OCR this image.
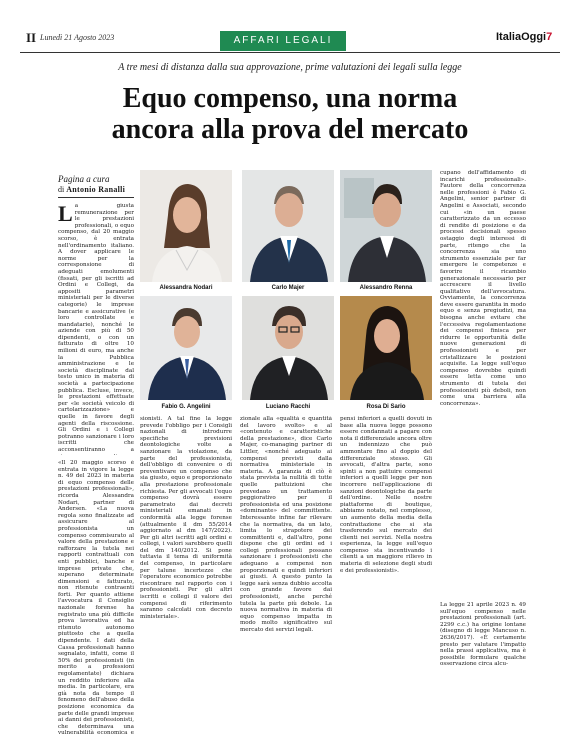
II Lunedì 21 Agosto 2023	AFFARI LEGALI	ItaliaOggi7
A tre mesi di distanza dalla sua approvazione, prime valutazioni dei legali sulla legge
Equo compenso, una norma
ancora alla prova del mercato
Pagina a cura
di Antonio Ranalli
La giusta remunerazione per le prestazioni professionali, o equo compenso, dal 20 maggio scorso, è entrata nell'ordinamento italiano. A dover applicare le norme per la corresponsione di adeguati emolumenti (fissati, per gli iscritti ad Ordini e Collegi, da appositi parametri ministeriali per le diverse categorie) le imprese bancarie e assicurative (e loro controllate e mandatarie), nonché le aziende con più di 50 dipendenti, o con un fatturato di oltre 10 milioni di euro, ma anche la Pubblica amministrazione e le società disciplinate dal testo unico in materia di società a partecipazione pubblica. Escluse, invece, le prestazioni effettuate per «le società veicolo di cartolarizzazione» e quelle in favore degli agenti della riscossione. Gli Ordini e i Collegi potranno sanzionare i loro iscritti che acconsentiranno a
«Il 20 maggio scorso è entrata in vigore la legge n. 49 del 2023 in materia di equo compenso delle prestazioni professionali», ricorda Alessandra Nodari, partner di Andersen. «La nuova regola sono finalizzate ad assicurare al professionista un compenso commisurato al valore della prestazione e rafforzare la tutela nei rapporti contrattuali con enti pubblici, banche e imprese private che, superano determinate dimensioni e fatturato, non ritenute contraenti forti. Per quanto attiene l'avvocatura il Consiglio nazionale forense ha registrato una più difficile prova lavorativa ed ha ritenuto autonomo piuttosto che a quella dipendente. I dati della Cassa professionali hanno segnalato, infatti, come il 50% dei professionisti (in merito a professioni regolamentate) dichiara un reddito inferiore alla media. In particolare, era già nota da tempo il fenomeno dell'abuso della posizione economica da parte delle grandi imprese ai danni dei professionisti, che determinava una vulnerabilità economica e
Alessandra Nodari	Carlo Majer	Alessandro Renna
Fabio G. Angelini	Luciano Racchi	Rosa Di Sario
sionisti. A tal fine la legge prevede l'obbligo per i Consigli nazionali di introdurre specifiche previsioni deontologiche volte a sanzionare la violazione, da parte del professionista, dell'obbligo di convenire o di preventivare un compenso che sia giusto, equo e proporzionato alla prestazione professionale richiesta. Per gli avvocati l'equo compenso dovrà essere parametrato dai decreti ministeriali emanati in conformità alla legge forense (attualmente il dm 55/2014 aggiornato al dm 147/2022). Per gli altri iscritti agli ordini e collegi, i valori sarebbero quelli del dm 140/2012. Si pone tuttavia il tema di uniformità del compenso, in particolare per talune incertezze che l'operatore economico potrebbe riscontrare nel rapporto con i professionisti. Per gli altri iscritti e collegi il valore dei compensi di riferimento saranno calcolati con decreto ministeriale».
zionale alla «qualità e quantità del lavoro svolto» e al «contenuto e caratteristiche della prestazione», dice Carlo Majer, co-managing partner di Littler, «nonché adeguato ai compensi previsti dalla normativa ministeriale in materia. A garanzia di ciò è stata prevista la nullità di tutte quelle pattuizioni che prevedano un trattamento peggiorativo per il professionista ed una posizione «dominante» del committente. Interessante infine far rilevare che la normativa, da un lato, limita lo strapotere dei committenti e, dall'altro, pone dispone che gli ordini ed i collegi professionali possano sanzionare i professionisti che adeguano a compensi non proporzionati e quindi inferiori ai giusti. A questo punto la legge sarà senza dubbio accolta con grande favore dai professionisti, anche perché tutela la parte più debole. La nuova normativa in materia di equo compenso impatta in modo molto significativo sul mercato dei servizi legali.
pensi inferiori a quelli dovuti in base alla nuova legge possono essere condannati a pagare con nota il differenziale ancora oltre un indennizzo che può ammontare fino al doppio del differenziale stesso. Gli avvocati, d'altra parte, sono spinti a non pattuire compensi inferiori a quelli legge per non incorrere nell'applicazione di sanzioni deontologiche da parte dell'ordine. Nelle nostre piattaforme di boutique, abbiamo notato, nel complesso, un aumento della media della contrattazione che si sta trasferendo sul mercato dei clienti nei servizi. Nella nostra esperienza, la legge sull'equo compenso sta incentivando i clienti a un maggiore rilievo in materia di selezione degli studi e dei professionisti».
cupano dell'affidamento di incarichi professionali». Fautore della concorrenza nelle professioni è Fabio G. Angelini, senior partner di Angelini e Associati, secondo cui «in un paese caratterizzato da un eccesso di rendite di posizione e da processi decisionali spesso ostaggio degli interessi di parte, ritengo che la concorrenza sia uno strumento essenziale per far emergere le competenze e favorire il ricambio generazionale necessario per accrescere il livello qualitativo dell'avvocatura. Ovviamente, la concorrenza deve essere garantita in modo equo e senza pregiudizi, ma bisogna anche evitare che l'eccessiva regolamentazione dei compensi finisca per ridurre le opportunità delle nuove generazioni di professionisti e per cristallizzare le posizioni acquisite. La legge sull'equo compenso dovrebbe quindi essere letta come uno strumento di tutela dei professionisti più deboli, non come una barriera alla concorrenza».
La legge 21 aprile 2023 n. 49 sull'equo compenso nelle prestazioni professionali (art. 2299 c.c.) ha origine lontane (disegno di legge Mancuso n. 2636/2017). «È certamente presto per valutare l'impatto nella prassi applicativa, ma è possibile formulare qualche osservazione circa alcu-
